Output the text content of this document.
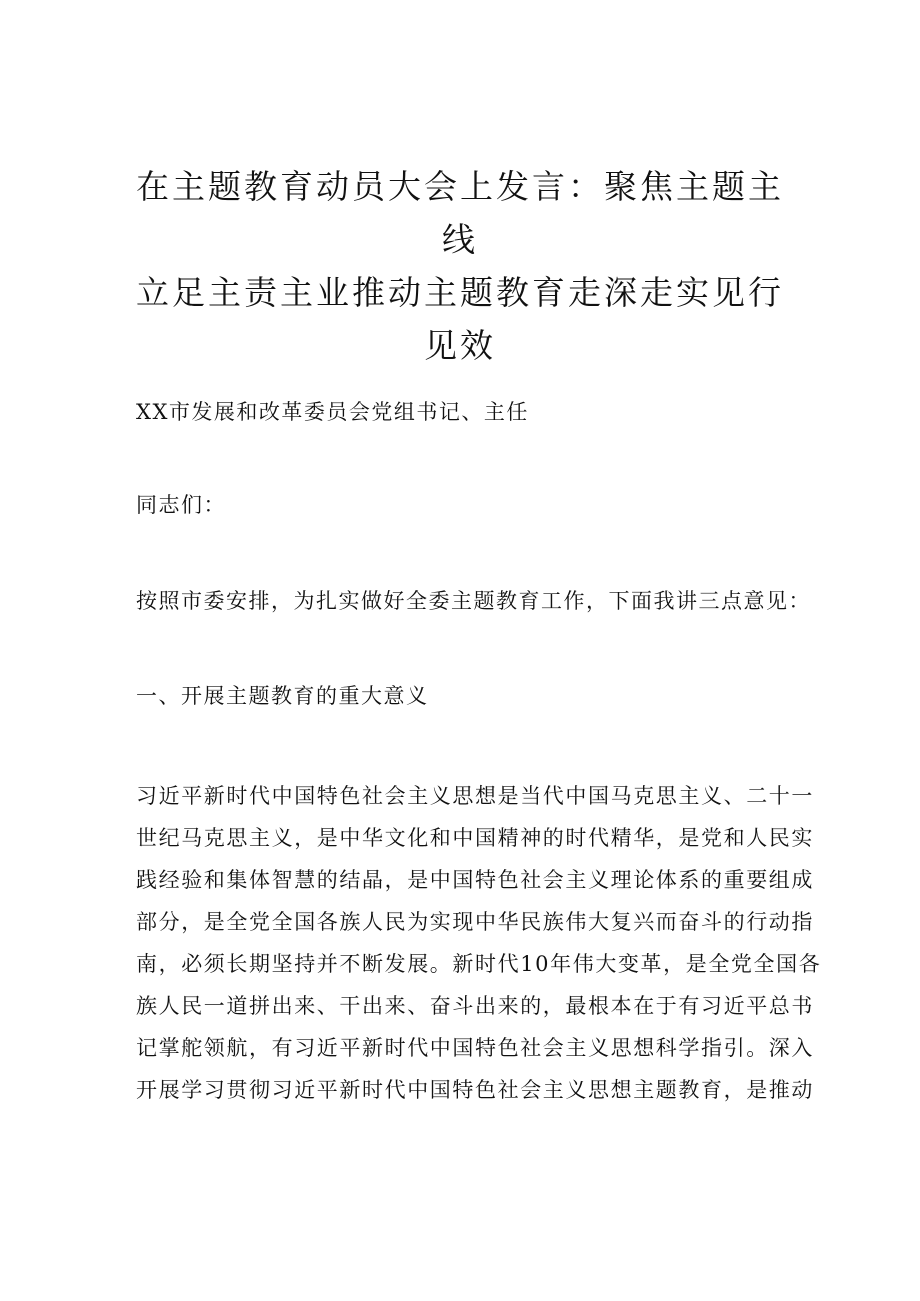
在主题教育动员大会上发言：聚焦主题主线
立足主责主业推动主题教育走深走实见行
见效
XX市发展和改革委员会党组书记、主任
同志们：
按照市委安排，为扎实做好全委主题教育工作，下面我讲三点意见：
一、开展主题教育的重大意义
习近平新时代中国特色社会主义思想是当代中国马克思主义、二十一
世纪马克思主义，是中华文化和中国精神的时代精华，是党和人民实
践经验和集体智慧的结晶，是中国特色社会主义理论体系的重要组成
部分，是全党全国各族人民为实现中华民族伟大复兴而奋斗的行动指
南，必须长期坚持并不断发展。新时代10年伟大变革，是全党全国各
族人民一道拼出来、干出来、奋斗出来的，最根本在于有习近平总书
记掌舵领航，有习近平新时代中国特色社会主义思想科学指引。深入
开展学习贯彻习近平新时代中国特色社会主义思想主题教育，是推动
